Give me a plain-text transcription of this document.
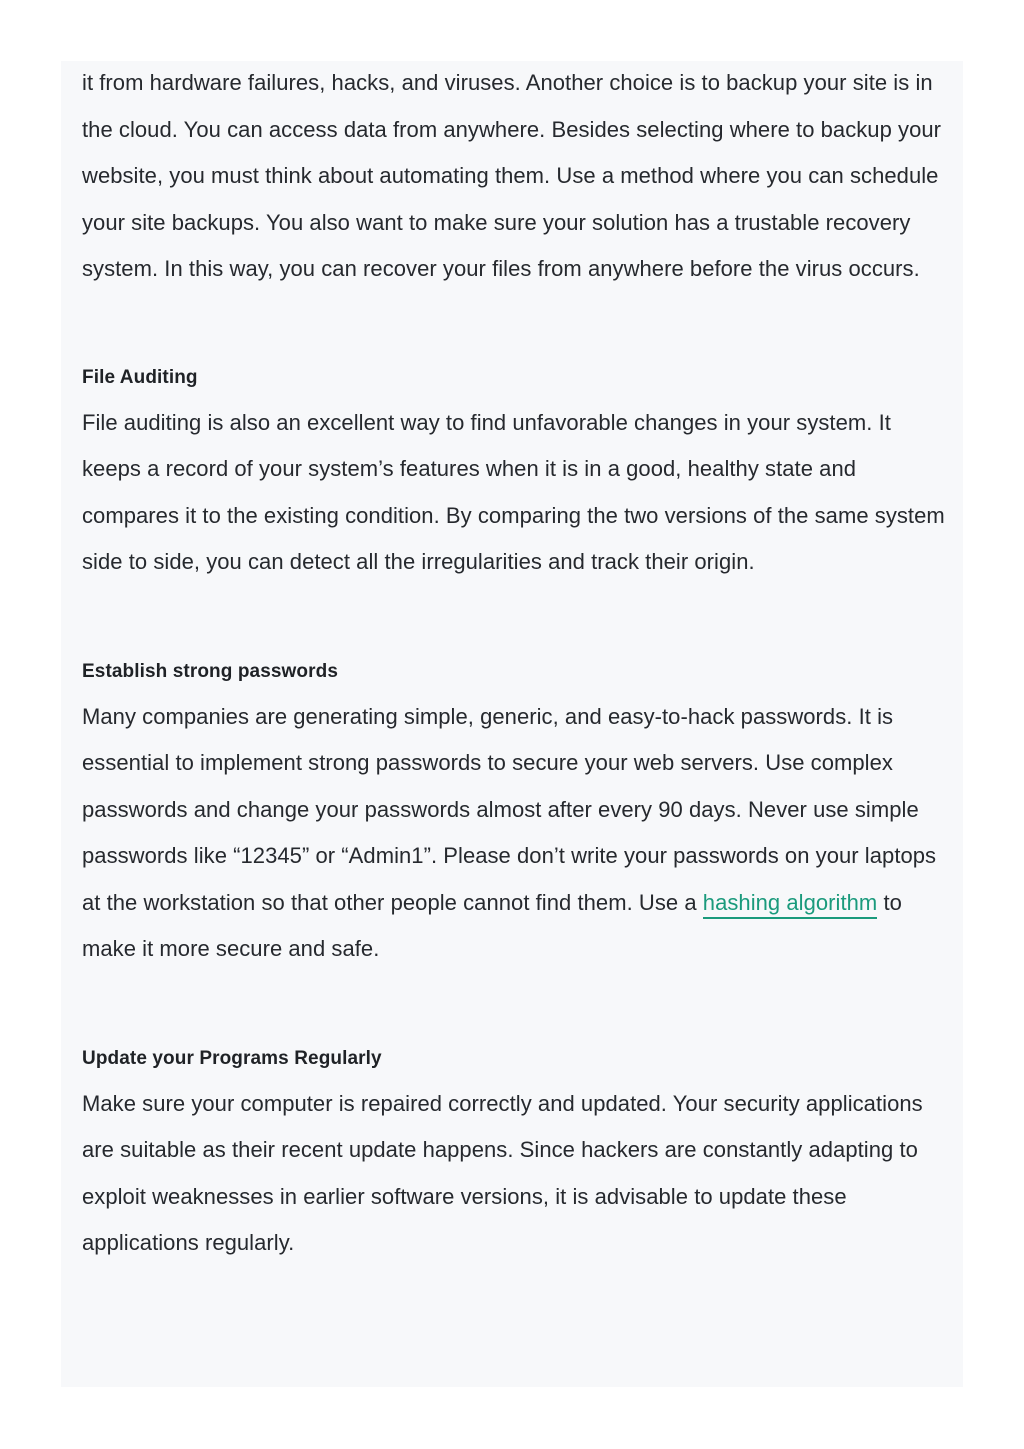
it from hardware failures, hacks, and viruses. Another choice is to backup your site is in the cloud. You can access data from anywhere. Besides selecting where to backup your website, you must think about automating them. Use a method where you can schedule your site backups. You also want to make sure your solution has a trustable recovery system. In this way, you can recover your files from anywhere before the virus occurs.

File Auditing

File auditing is also an excellent way to find unfavorable changes in your system. It keeps a record of your system’s features when it is in a good, healthy state and compares it to the existing condition. By comparing the two versions of the same system side to side, you can detect all the irregularities and track their origin.

Establish strong passwords

Many companies are generating simple, generic, and easy-to-hack passwords. It is essential to implement strong passwords to secure your web servers. Use complex passwords and change your passwords almost after every 90 days. Never use simple passwords like “12345” or “Admin1”. Please don’t write your passwords on your laptops at the workstation so that other people cannot find them. Use a hashing algorithm to make it more secure and safe.

Update your Programs Regularly

Make sure your computer is repaired correctly and updated. Your security applications are suitable as their recent update happens. Since hackers are constantly adapting to exploit weaknesses in earlier software versions, it is advisable to update these applications regularly.
